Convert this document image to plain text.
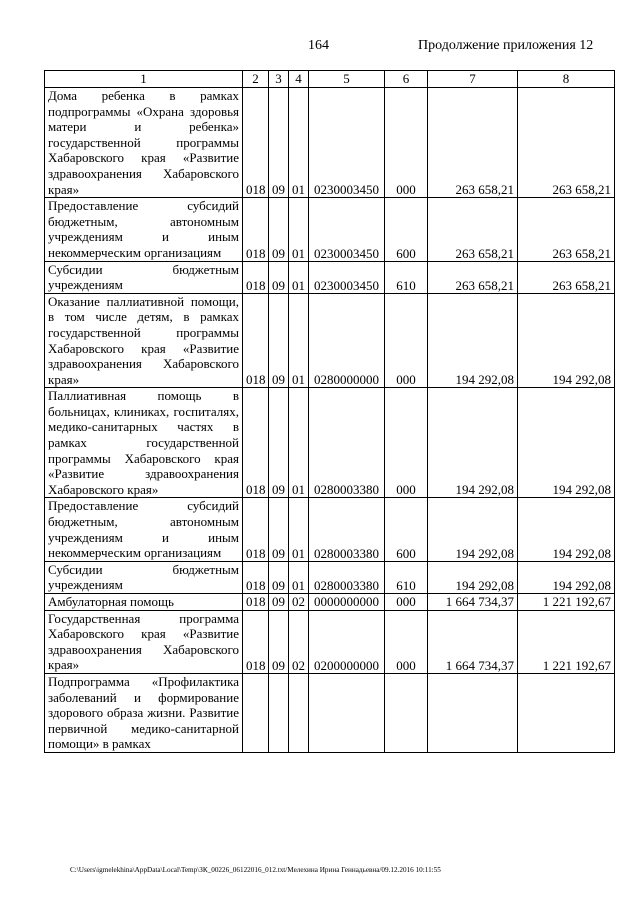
164	Продолжение приложения 12
1	2	3	4	5	6	7	8
Дома ребенка в рамках подпрограммы «Охрана здоровья матери и ребенка» государственной программы Хабаровского края «Развитие здравоохранения Хабаровского края»	018	09	01	0230003450	000	263 658,21	263 658,21
Предоставление субсидий бюджетным, автономным учреждениям и иным некоммерческим организациям	018	09	01	0230003450	600	263 658,21	263 658,21
Субсидии бюджетным учреждениям	018	09	01	0230003450	610	263 658,21	263 658,21
Оказание паллиативной помощи, в том числе детям, в рамках государственной программы Хабаровского края «Развитие здравоохранения Хабаровского края»	018	09	01	0280000000	000	194 292,08	194 292,08
Паллиативная помощь в больницах, клиниках, госпиталях, медико-санитарных частях в рамках государственной программы Хабаровского края «Развитие здравоохранения Хабаровского края»	018	09	01	0280003380	000	194 292,08	194 292,08
Предоставление субсидий бюджетным, автономным учреждениям и иным некоммерческим организациям	018	09	01	0280003380	600	194 292,08	194 292,08
Субсидии бюджетным учреждениям	018	09	01	0280003380	610	194 292,08	194 292,08
Амбулаторная помощь	018	09	02	0000000000	000	1 664 734,37	1 221 192,67
Государственная программа Хабаровского края «Развитие здравоохранения Хабаровского края»	018	09	02	0200000000	000	1 664 734,37	1 221 192,67
Подпрограмма «Профилактика заболеваний и формирование здорового образа жизни. Развитие первичной медико-санитарной помощи» в рамках							
C:\Users\igmelekhina\AppData\Local\Temp\ЗК_00226_06122016_012.txt/Мелехина Ирина Геннадьевна/09.12.2016 10:11:55
